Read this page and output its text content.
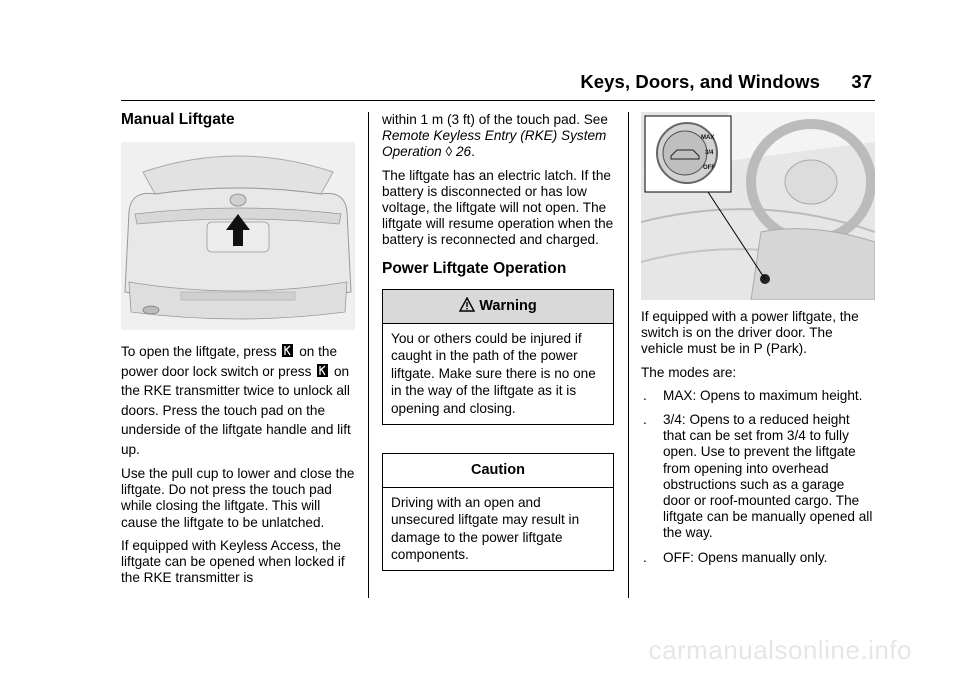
Keys, Doors, and Windows 37
Manual Liftgate

To open the liftgate, press on the power door lock switch or press on the RKE transmitter twice to unlock all doors. Press the touch pad on the underside of the liftgate handle and lift up.

Use the pull cup to lower and close the liftgate. Do not press the touch pad while closing the liftgate. This will cause the liftgate to be unlatched.

If equipped with Keyless Access, the liftgate can be opened when locked if the RKE transmitter is

within 1 m (3 ft) of the touch pad. See Remote Keyless Entry (RKE) System Operation ◊ 26.

The liftgate has an electric latch. If the battery is disconnected or has low voltage, the liftgate will not open. The liftgate will resume operation when the battery is reconnected and charged.

Power Liftgate Operation
Warning
You or others could be injured if caught in the path of the power liftgate. Make sure there is no one in the way of the liftgate as it is opening and closing.
Caution
Driving with an open and unsecured liftgate may result in damage to the power liftgate components.
MAX
3/4
OFF

If equipped with a power liftgate, the switch is on the driver door. The vehicle must be in P (Park).

The modes are:

.	MAX: Opens to maximum height.
.	3/4: Opens to a reduced height that can be set from 3/4 to fully open. Use to prevent the liftgate from opening into overhead obstructions such as a garage door or roof-mounted cargo. The liftgate can be manually opened all the way.
.	OFF: Opens manually only.
carmanualsonline.info
